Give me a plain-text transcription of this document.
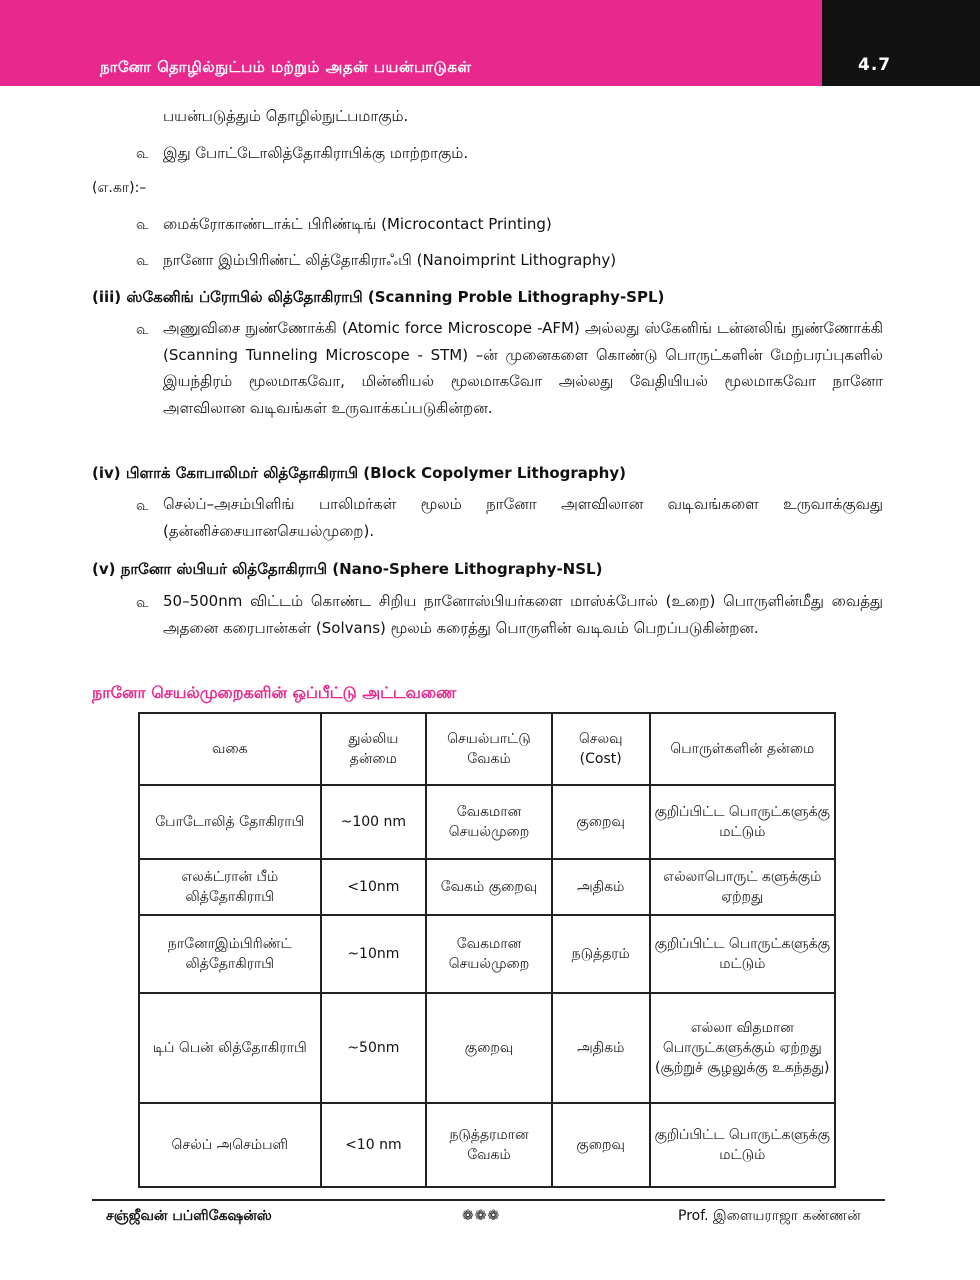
நானோ தொழில்நுட்பம் மற்றும் அதன் பயன்பாடுகள்	4.7
பயன்படுத்தும் தொழில்நுட்பமாகும்.
௳ இது போட்டோலித்தோகிராபிக்கு மாற்றாகும்.
(எ.கா):–
௳ மைக்ரோகாண்டாக்ட் பிரிண்டிங் (Microcontact Printing)
௳ நானோ இம்பிரிண்ட் லித்தோகிராஃபி (Nanoimprint Lithography)
(iii) ஸ்கேனிங் ப்ரோபில் லித்தோகிராபி (Scanning Proble Lithography-SPL)
௳ அணுவிசை நுண்ணோக்கி (Atomic force Microscope -AFM) அல்லது ஸ்கேனிங் டன்னலிங் நுண்ணோக்கி (Scanning Tunneling Microscope - STM) –ன் முனைகளை கொண்டு பொருட்களின் மேற்பரப்புகளில் இயந்திரம் மூலமாகவோ, மின்னியல் மூலமாகவோ அல்லது வேதியியல் மூலமாகவோ நானோ அளவிலான வடிவங்கள் உருவாக்கப்படுகின்றன.
(iv) பிளாக் கோபாலிமர் லித்தோகிராபி (Block Copolymer Lithography)
௳ செல்ப்–அசம்பிளிங் பாலிமர்கள் மூலம் நானோ அளவிலான வடிவங்களை உருவாக்குவது (தன்னிச்சையானசெயல்முறை).
(v) நானோ ஸ்பியர் லித்தோகிராபி (Nano-Sphere Lithography-NSL)
௳ 50–500nm விட்டம் கொண்ட சிறிய நானோஸ்பியர்களை மாஸ்க்போல் (உறை) பொருளின்மீது வைத்து அதனை கரைபான்கள் (Solvans) மூலம் கரைத்து பொருளின் வடிவம் பெறப்படுகின்றன.
நானோ செயல்முறைகளின் ஒப்பீட்டு அட்டவணை
வகை	துல்லிய தன்மை	செயல்பாட்டு வேகம்	செலவு (Cost)	பொருள்களின் தன்மை
போடோலித் தோகிராபி	~100 nm	வேகமான செயல்முறை	குறைவு	குறிப்பிட்ட பொருட்களுக்கு மட்டும்
எலக்ட்ரான் பீம் லித்தோகிராபி	<10nm	வேகம் குறைவு	அதிகம்	எல்லாபொருட் களுக்கும் ஏற்றது
நானோஇம்பிரிண்ட் லித்தோகிராபி	~10nm	வேகமான செயல்முறை	நடுத்தரம்	குறிப்பிட்ட பொருட்களுக்கு மட்டும்
டிப் பென் லித்தோகிராபி	~50nm	குறைவு	அதிகம்	எல்லா விதமான பொருட்களுக்கும் ஏற்றது (சூற்றுச் சூழலுக்கு உகந்தது)
செல்ப் அசெம்பளி	<10 nm	நடுத்தரமான வேகம்	குறைவு	குறிப்பிட்ட பொருட்களுக்கு மட்டும்
சஞ்ஜீவன் பப்ளிகேஷன்ஸ்	❁❁❁	Prof. இளையராஜா கண்ணன்
